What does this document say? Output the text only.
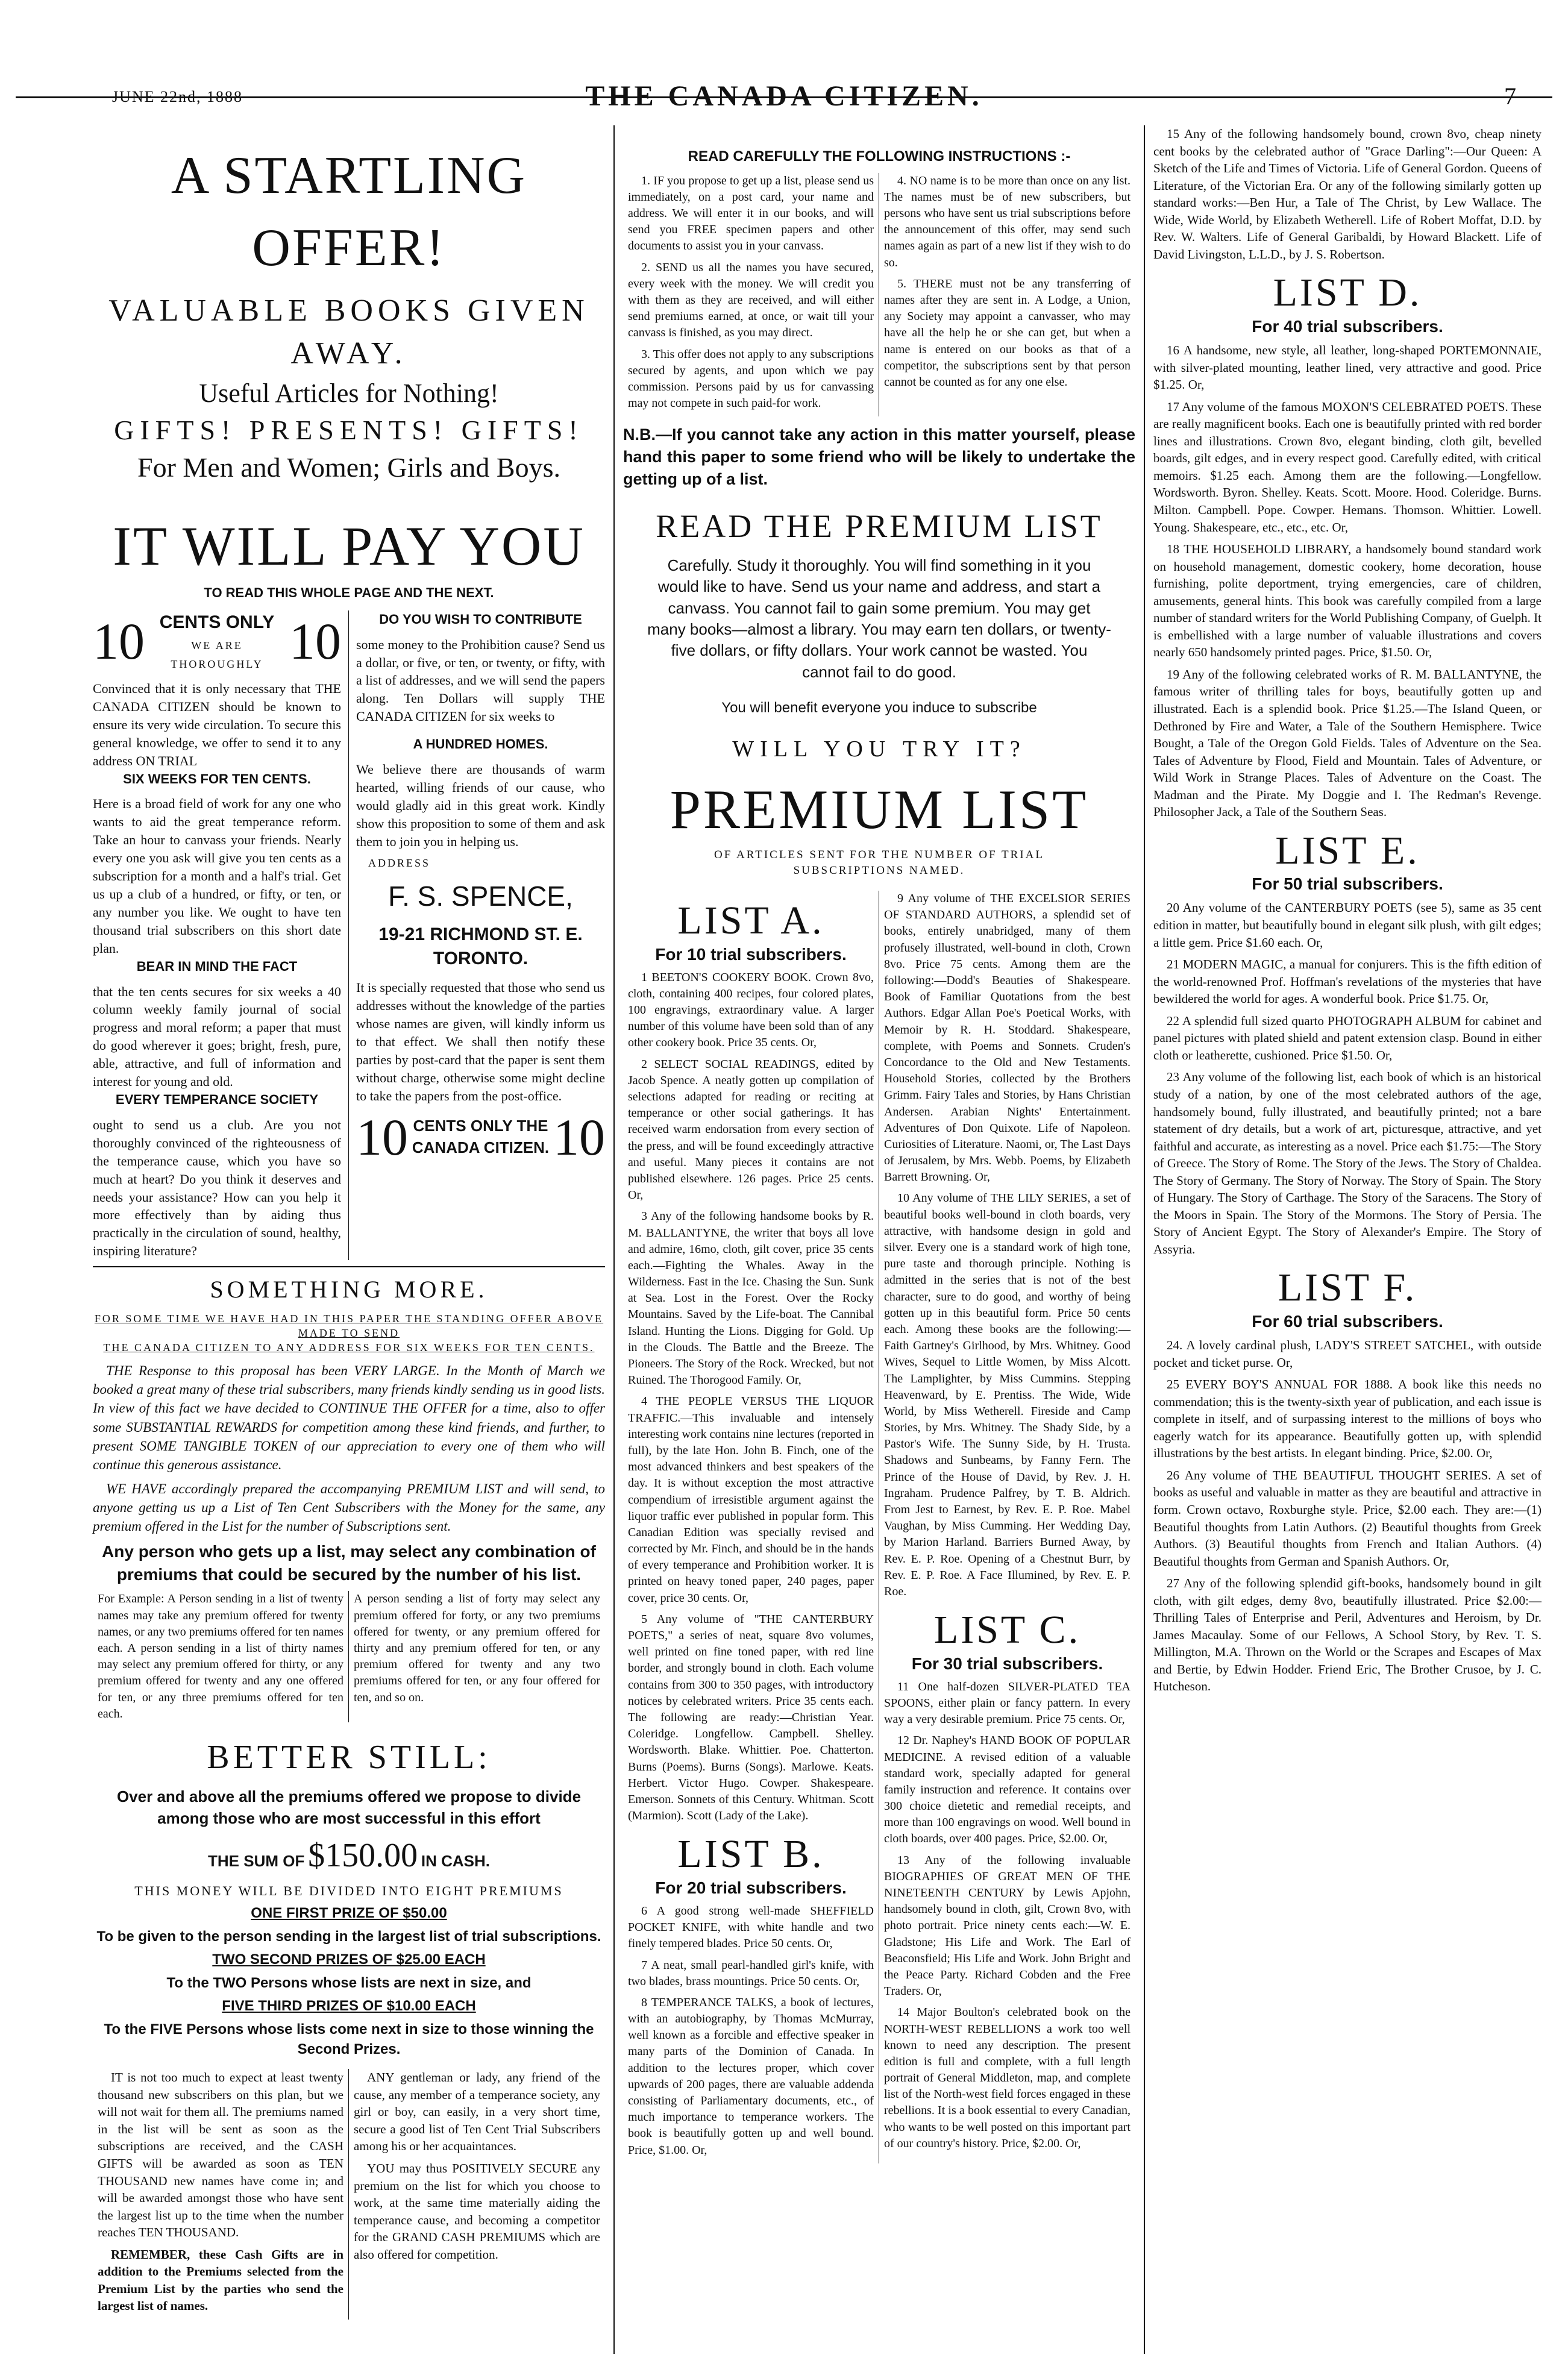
JUNE 22nd, 1888	THE CANADA CITIZEN.	7
A STARTLING OFFER!
VALUABLE BOOKS GIVEN AWAY.
Useful Articles for Nothing!
GIFTS! PRESENTS! GIFTS!
For Men and Women; Girls and Boys.
IT WILL PAY YOU
TO READ THIS WHOLE PAGE AND THE NEXT.
10 CENTS ONLY
WE ARE THOROUGHLY 10
Convinced that it is only necessary that THE CANADA CITIZEN should be known to ensure its very wide circulation. To secure this general knowledge, we offer to send it to any address ON TRIAL
SIX WEEKS FOR TEN CENTS.
Here is a broad field of work for any one who wants to aid the great temperance reform. Take an hour to canvass your friends. Nearly every one you ask will give you ten cents as a subscription for a month and a half's trial. Get us up a club of a hundred, or fifty, or ten, or any number you like. We ought to have ten thousand trial subscribers on this short date plan.
BEAR IN MIND THE FACT
that the ten cents secures for six weeks a 40 column weekly family journal of social progress and moral reform; a paper that must do good wherever it goes; bright, fresh, pure, able, attractive, and full of information and interest for young and old.
EVERY TEMPERANCE SOCIETY
ought to send us a club. Are you not thoroughly convinced of the righteousness of the temperance cause, which you have so much at heart? Do you think it deserves and needs your assistance? How can you help it more effectively than by aiding thus practically in the circulation of sound, healthy, inspiring literature?
DO YOU WISH TO CONTRIBUTE
some money to the Prohibition cause? Send us a dollar, or five, or ten, or twenty, or fifty, with a list of addresses, and we will send the papers along. Ten Dollars will supply THE CANADA CITIZEN for six weeks to
A HUNDRED HOMES.
We believe there are thousands of warm hearted, willing friends of our cause, who would gladly aid in this great work. Kindly show this proposition to some of them and ask them to join you in helping us.
ADDRESS
F. S. SPENCE,
19-21 RICHMOND ST. E. TORONTO.
It is specially requested that those who send us addresses without the knowledge of the parties whose names are given, will kindly inform us to that effect. We shall then notify these parties by post-card that the paper is sent them without charge, otherwise some might decline to take the papers from the post-office.
10 CENTS ONLY THE CANADA CITIZEN. 10
SOMETHING MORE.
FOR SOME TIME WE HAVE HAD IN THIS PAPER THE STANDING OFFER ABOVE MADE TO SEND
THE CANADA CITIZEN TO ANY ADDRESS FOR SIX WEEKS FOR TEN CENTS.

THE Response to this proposal has been VERY LARGE. In the Month of March we booked a great many of these trial subscribers, many friends kindly sending us in good lists. In view of this fact we have decided to CONTINUE THE OFFER for a time, also to offer some SUBSTANTIAL REWARDS for competition among these kind friends, and further, to present SOME TANGIBLE TOKEN of our appreciation to every one of them who will continue this generous assistance.

WE HAVE accordingly prepared the accompanying PREMIUM LIST and will send, to anyone getting us up a List of Ten Cent Subscribers with the Money for the same, any premium offered in the List for the number of Subscriptions sent.

Any person who gets up a list, may select any combination of premiums that could be secured by the number of his list.
For Example: A Person sending in a list of twenty names may take any premium offered for twenty names, or any two premiums offered for ten names each. A person sending in a list of thirty names may select any premium offered for thirty, or any premium offered for twenty and any one offered for ten, or any three premiums offered for ten each.
A person sending a list of forty may select any premium offered for forty, or any two premiums offered for twenty, or any premium offered for thirty and any premium offered for ten, or any premium offered for twenty and any two premiums offered for ten, or any four offered for ten, and so on.
BETTER STILL:
Over and above all the premiums offered we propose to divide among those who are most successful in this effort
THE SUM OF $150.00 IN CASH.
THIS MONEY WILL BE DIVIDED INTO EIGHT PREMIUMS
ONE FIRST PRIZE OF $50.00
To be given to the person sending in the largest list of trial subscriptions.
TWO SECOND PRIZES OF $25.00 EACH
To the TWO Persons whose lists are next in size, and
FIVE THIRD PRIZES OF $10.00 EACH
To the FIVE Persons whose lists come next in size to those winning the Second Prizes.

IT is not too much to expect at least twenty thousand new subscribers on this plan, but we will not wait for them all. The premiums named in the list will be sent as soon as the subscriptions are received, and the CASH GIFTS will be awarded as soon as TEN THOUSAND new names have come in; and will be awarded amongst those who have sent the largest list up to the time when the number reaches TEN THOUSAND.

REMEMBER, these Cash Gifts are in addition to the Premiums selected from the Premium List by the parties who send the largest list of names.

ANY gentleman or lady, any friend of the cause, any member of a temperance society, any girl or boy, can easily, in a very short time, secure a good list of Ten Cent Trial Subscribers among his or her acquaintances.

YOU may thus POSITIVELY SECURE any premium on the list for which you choose to work, at the same time materially aiding the temperance cause, and becoming a competitor for the GRAND CASH PREMIUMS which are also offered for competition.

READ CAREFULLY THE FOLLOWING INSTRUCTIONS :-

1. IF you propose to get up a list, please send us immediately, on a post card, your name and address. We will enter it in our books, and will send you FREE specimen papers and other documents to assist you in your canvass.

2. SEND us all the names you have secured, every week with the money. We will credit you with them as they are received, and will either send premiums earned, at once, or wait till your canvass is finished, as you may direct.

3. This offer does not apply to any subscriptions secured by agents, and upon which we pay commission. Persons paid by us for canvassing may not compete in such paid-for work.

4. NO name is to be more than once on any list. The names must be of new subscribers, but persons who have sent us trial subscriptions before the announcement of this offer, may send such names again as part of a new list if they wish to do so.

5. THERE must not be any transferring of names after they are sent in. A Lodge, a Union, any Society may appoint a canvasser, who may have all the help he or she can get, but when a name is entered on our books as that of a competitor, the subscriptions sent by that person cannot be counted as for any one else.

N.B.—If you cannot take any action in this matter yourself, please hand this paper to some friend who will be likely to undertake the getting up of a list.
READ THE PREMIUM LIST
Carefully. Study it thoroughly. You will find something in it you would like to have. Send us your name and address, and start a canvass. You cannot fail to gain some premium. You may get many books—almost a library. You may earn ten dollars, or twenty-five dollars, or fifty dollars. Your work cannot be wasted. You cannot fail to do good.
You will benefit everyone you induce to subscribe
WILL YOU TRY IT?
PREMIUM LIST
OF ARTICLES SENT FOR THE NUMBER OF TRIAL SUBSCRIPTIONS NAMED.
LIST A.
For 10 trial subscribers.

1 BEETON'S COOKERY BOOK. Crown 8vo, cloth, containing 400 recipes, four colored plates, 100 engravings, extraordinary value. A larger number of this volume have been sold than of any other cookery book. Price 35 cents. Or,

2 SELECT SOCIAL READINGS, edited by Jacob Spence. A neatly gotten up compilation of selections adapted for reading or reciting at temperance or other social gatherings. It has received warm endorsation from every section of the press, and will be found exceedingly attractive and useful. Many pieces it contains are not published elsewhere. 126 pages. Price 25 cents. Or,

3 Any of the following handsome books by R. M. BALLANTYNE, the writer that boys all love and admire, 16mo, cloth, gilt cover, price 35 cents each.—Fighting the Whales. Away in the Wilderness. Fast in the Ice. Chasing the Sun. Sunk at Sea. Lost in the Forest. Over the Rocky Mountains. Saved by the Life-boat. The Cannibal Island. Hunting the Lions. Digging for Gold. Up in the Clouds. The Battle and the Breeze. The Pioneers. The Story of the Rock. Wrecked, but not Ruined. The Thorogood Family. Or,

4 THE PEOPLE VERSUS THE LIQUOR TRAFFIC.—This invaluable and intensely interesting work contains nine lectures (reported in full), by the late Hon. John B. Finch, one of the most advanced thinkers and best speakers of the day. It is without exception the most attractive compendium of irresistible argument against the liquor traffic ever published in popular form. This Canadian Edition was specially revised and corrected by Mr. Finch, and should be in the hands of every temperance and Prohibition worker. It is printed on heavy toned paper, 240 pages, paper cover, price 30 cents. Or,

5 Any volume of "THE CANTERBURY POETS," a series of neat, square 8vo volumes, well printed on fine toned paper, with red line border, and strongly bound in cloth. Each volume contains from 300 to 350 pages, with introductory notices by celebrated writers. Price 35 cents each. The following are ready:—Christian Year. Coleridge. Longfellow. Campbell. Shelley. Wordsworth. Blake. Whittier. Poe. Chatterton. Burns (Poems). Burns (Songs). Marlowe. Keats. Herbert. Victor Hugo. Cowper. Shakespeare. Emerson. Sonnets of this Century. Whitman. Scott (Marmion). Scott (Lady of the Lake).

LIST B.
For 20 trial subscribers.

6 A good strong well-made SHEFFIELD POCKET KNIFE, with white handle and two finely tempered blades. Price 50 cents. Or,

7 A neat, small pearl-handled girl's knife, with two blades, brass mountings. Price 50 cents. Or,

8 TEMPERANCE TALKS, a book of lectures, with an autobiography, by Thomas McMurray, well known as a forcible and effective speaker in many parts of the Dominion of Canada. In addition to the lectures proper, which cover upwards of 200 pages, there are valuable addenda consisting of Parliamentary documents, etc., of much importance to temperance workers. The book is beautifully gotten up and well bound. Price, $1.00. Or,

9 Any volume of THE EXCELSIOR SERIES OF STANDARD AUTHORS, a splendid set of books, entirely unabridged, many of them profusely illustrated, well-bound in cloth, Crown 8vo. Price 75 cents. Among them are the following:—Dodd's Beauties of Shakespeare. Book of Familiar Quotations from the best Authors. Edgar Allan Poe's Poetical Works, with Memoir by R. H. Stoddard. Shakespeare, complete, with Poems and Sonnets. Cruden's Concordance to the Old and New Testaments. Household Stories, collected by the Brothers Grimm. Fairy Tales and Stories, by Hans Christian Andersen. Arabian Nights' Entertainment. Adventures of Don Quixote. Life of Napoleon. Curiosities of Literature. Naomi, or, The Last Days of Jerusalem, by Mrs. Webb. Poems, by Elizabeth Barrett Browning. Or,

10 Any volume of THE LILY SERIES, a set of beautiful books well-bound in cloth boards, very attractive, with handsome design in gold and silver. Every one is a standard work of high tone, pure taste and thorough principle. Nothing is admitted in the series that is not of the best character, sure to do good, and worthy of being gotten up in this beautiful form. Price 50 cents each. Among these books are the following:—Faith Gartney's Girlhood, by Mrs. Whitney. Good Wives, Sequel to Little Women, by Miss Alcott. The Lamplighter, by Miss Cummins. Stepping Heavenward, by E. Prentiss. The Wide, Wide World, by Miss Wetherell. Fireside and Camp Stories, by Mrs. Whitney. The Shady Side, by a Pastor's Wife. The Sunny Side, by H. Trusta. Shadows and Sunbeams, by Fanny Fern. The Prince of the House of David, by Rev. J. H. Ingraham. Prudence Palfrey, by T. B. Aldrich. From Jest to Earnest, by Rev. E. P. Roe. Mabel Vaughan, by Miss Cumming. Her Wedding Day, by Marion Harland. Barriers Burned Away, by Rev. E. P. Roe. Opening of a Chestnut Burr, by Rev. E. P. Roe. A Face Illumined, by Rev. E. P. Roe.

LIST C.
For 30 trial subscribers.

11 One half-dozen SILVER-PLATED TEA SPOONS, either plain or fancy pattern. In every way a very desirable premium. Price 75 cents. Or,

12 Dr. Naphey's HAND BOOK OF POPULAR MEDICINE. A revised edition of a valuable standard work, specially adapted for general family instruction and reference. It contains over 300 choice dietetic and remedial receipts, and more than 100 engravings on wood. Well bound in cloth boards, over 400 pages. Price, $2.00. Or,

13 Any of the following invaluable BIOGRAPHIES OF GREAT MEN OF THE NINETEENTH CENTURY by Lewis Apjohn, handsomely bound in cloth, gilt, Crown 8vo, with photo portrait. Price ninety cents each:—W. E. Gladstone; His Life and Work. The Earl of Beaconsfield; His Life and Work. John Bright and the Peace Party. Richard Cobden and the Free Traders. Or,

14 Major Boulton's celebrated book on the NORTH-WEST REBELLIONS a work too well known to need any description. The present edition is full and complete, with a full length portrait of General Middleton, map, and complete list of the North-west field forces engaged in these rebellions. It is a book essential to every Canadian, who wants to be well posted on this important part of our country's history. Price, $2.00. Or,

15 Any of the following handsomely bound, crown 8vo, cheap ninety cent books by the celebrated author of "Grace Darling":—Our Queen: A Sketch of the Life and Times of Victoria. Life of General Gordon. Queens of Literature, of the Victorian Era. Or any of the following similarly gotten up standard works:—Ben Hur, a Tale of The Christ, by Lew Wallace. The Wide, Wide World, by Elizabeth Wetherell. Life of Robert Moffat, D.D. by Rev. W. Walters. Life of General Garibaldi, by Howard Blackett. Life of David Livingston, L.L.D., by J. S. Robertson.

LIST D.
For 40 trial subscribers.

16 A handsome, new style, all leather, long-shaped PORTEMONNAIE, with silver-plated mounting, leather lined, very attractive and good. Price $1.25. Or,

17 Any volume of the famous MOXON'S CELEBRATED POETS. These are really magnificent books. Each one is beautifully printed with red border lines and illustrations. Crown 8vo, elegant binding, cloth gilt, bevelled boards, gilt edges, and in every respect good. Carefully edited, with critical memoirs. $1.25 each. Among them are the following.—Longfellow. Wordsworth. Byron. Shelley. Keats. Scott. Moore. Hood. Coleridge. Burns. Milton. Campbell. Pope. Cowper. Hemans. Thomson. Whittier. Lowell. Young. Shakespeare, etc., etc., etc. Or,

18 THE HOUSEHOLD LIBRARY, a handsomely bound standard work on household management, domestic cookery, home decoration, house furnishing, polite deportment, trying emergencies, care of children, amusements, general hints. This book was carefully compiled from a large number of standard writers for the World Publishing Company, of Guelph. It is embellished with a large number of valuable illustrations and covers nearly 650 handsomely printed pages. Price, $1.50. Or,

19 Any of the following celebrated works of R. M. BALLANTYNE, the famous writer of thrilling tales for boys, beautifully gotten up and illustrated. Each is a splendid book. Price $1.25.—The Island Queen, or Dethroned by Fire and Water, a Tale of the Southern Hemisphere. Twice Bought, a Tale of the Oregon Gold Fields. Tales of Adventure on the Sea. Tales of Adventure by Flood, Field and Mountain. Tales of Adventure, or Wild Work in Strange Places. Tales of Adventure on the Coast. The Madman and the Pirate. My Doggie and I. The Redman's Revenge. Philosopher Jack, a Tale of the Southern Seas.

LIST E.
For 50 trial subscribers.

20 Any volume of the CANTERBURY POETS (see 5), same as 35 cent edition in matter, but beautifully bound in elegant silk plush, with gilt edges; a little gem. Price $1.60 each. Or,

21 MODERN MAGIC, a manual for conjurers. This is the fifth edition of the world-renowned Prof. Hoffman's revelations of the mysteries that have bewildered the world for ages. A wonderful book. Price $1.75. Or,

22 A splendid full sized quarto PHOTOGRAPH ALBUM for cabinet and panel pictures with plated shield and patent extension clasp. Bound in either cloth or leatherette, cushioned. Price $1.50. Or,

23 Any volume of the following list, each book of which is an historical study of a nation, by one of the most celebrated authors of the age, handsomely bound, fully illustrated, and beautifully printed; not a bare statement of dry details, but a work of art, picturesque, attractive, and yet faithful and accurate, as interesting as a novel. Price each $1.75:—The Story of Greece. The Story of Rome. The Story of the Jews. The Story of Chaldea. The Story of Germany. The Story of Norway. The Story of Spain. The Story of Hungary. The Story of Carthage. The Story of the Saracens. The Story of the Moors in Spain. The Story of the Mormons. The Story of Persia. The Story of Ancient Egypt. The Story of Alexander's Empire. The Story of Assyria.

LIST F.
For 60 trial subscribers.

24. A lovely cardinal plush, LADY'S STREET SATCHEL, with outside pocket and ticket purse. Or,

25 EVERY BOY'S ANNUAL FOR 1888. A book like this needs no commendation; this is the twenty-sixth year of publication, and each issue is complete in itself, and of surpassing interest to the millions of boys who eagerly watch for its appearance. Beautifully gotten up, with splendid illustrations by the best artists. In elegant binding. Price, $2.00. Or,

26 Any volume of THE BEAUTIFUL THOUGHT SERIES. A set of books as useful and valuable in matter as they are beautiful and attractive in form. Crown octavo, Roxburghe style. Price, $2.00 each. They are:—(1) Beautiful thoughts from Latin Authors. (2) Beautiful thoughts from Greek Authors. (3) Beautiful thoughts from French and Italian Authors. (4) Beautiful thoughts from German and Spanish Authors. Or,

27 Any of the following splendid gift-books, handsomely bound in gilt cloth, with gilt edges, demy 8vo, beautifully illustrated. Price $2.00:—Thrilling Tales of Enterprise and Peril, Adventures and Heroism, by Dr. James Macaulay. Some of our Fellows, A School Story, by Rev. T. S. Millington, M.A. Thrown on the World or the Scrapes and Escapes of Max and Bertie, by Edwin Hodder. Friend Eric, The Brother Crusoe, by J. C. Hutcheson.
